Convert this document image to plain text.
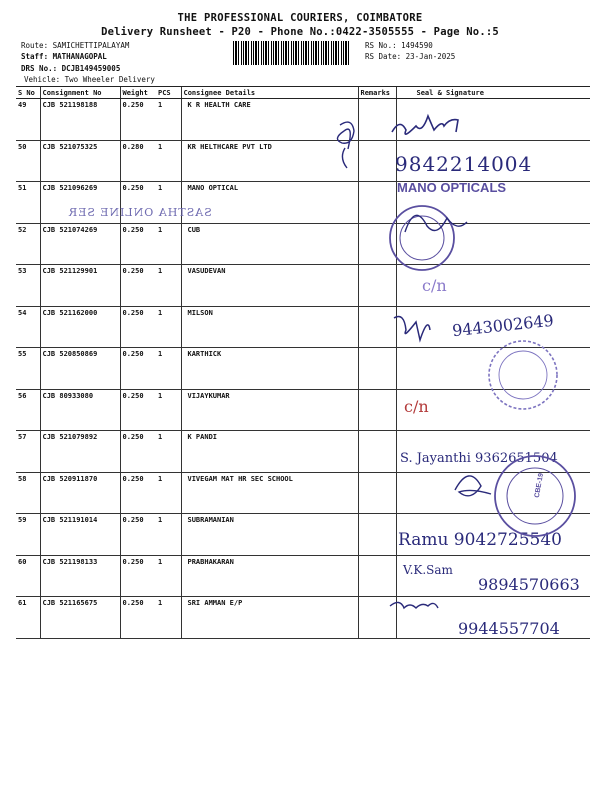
THE PROFESSIONAL COURIERS, COIMBATORE
Delivery Runsheet - P20 - Phone No.:0422-3505555 - Page No.:5
Route: SAMICHETTIPALAYAM
Staff: MATHANAGOPAL
DRS No.: DCJB149459005
Vehicle: Two Wheeler Delivery
RS No.: 1494590
RS Date: 23-Jan-2025
S No	Consignment No	Weight	PCS	Consignee Details	Remarks	Seal & Signature
49	CJB 521198188	0.250	1	K R HEALTH CARE		
50	CJB 521075325	0.280	1	KR HELTHCARE PVT LTD		
51	CJB 521096269	0.250	1	MANO OPTICAL		
52	CJB 521074269	0.250	1	CUB		
53	CJB 521129901	0.250	1	VASUDEVAN		
54	CJB 521162000	0.250	1	MILSON		
55	CJB 520850869	0.250	1	KARTHICK		
56	CJB 80933080	0.250	1	VIJAYKUMAR		
57	CJB 521079892	0.250	1	K PANDI		
58	CJB 520911870	0.250	1	VIVEGAM MAT HR SEC SCHOOL		
59	CJB 521191014	0.250	1	SUBRAMANIAN		
60	CJB 521198133	0.250	1	PRABHAKARAN		
61	CJB 521165675	0.250	1	SRI AMMAN E/P		
9842214004
SASTHA ONLINE SER
c/n
9443002649
c/n
S. Jayanthi 9362651504
Ramu 9042725540
V.K.Sam
9894570663
9944557704
MANO OPTICALS
CBE-19
